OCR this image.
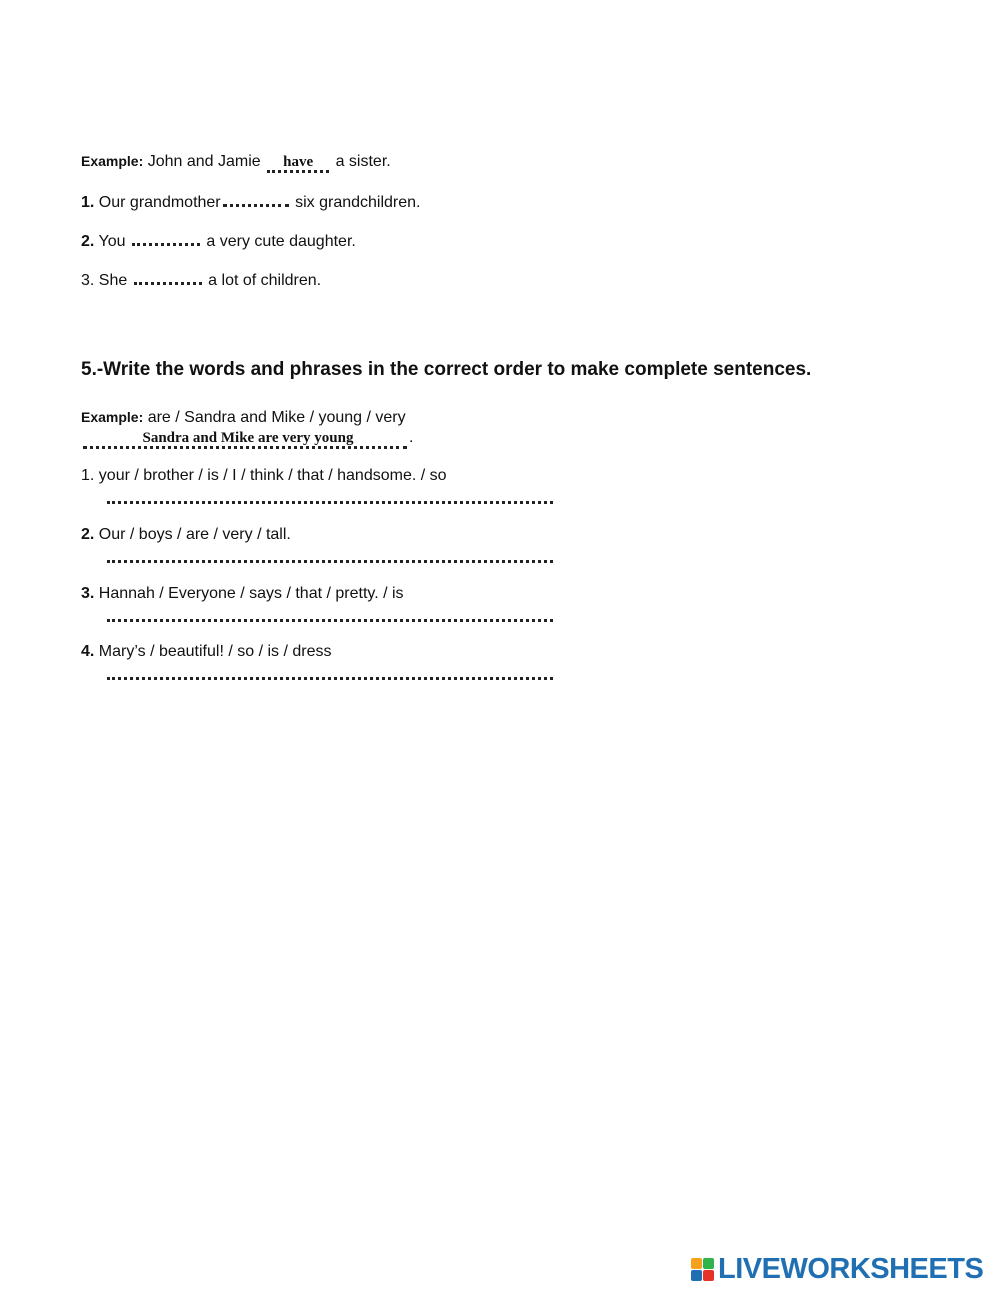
Example: John and Jamie have a sister.
1. Our grandmother	six grandchildren.
2. You	a very cute daughter.
3. She	a lot of children.
5.-Write the words and phrases in the correct order to make complete sentences.
Example: are / Sandra and Mike / young / very
Sandra and Mike are very young	.
1. your / brother / is / I / think / that / handsome. / so
2. Our / boys / are / very / tall.
3. Hannah / Everyone / says / that / pretty. / is
4. Mary’s / beautiful! / so / is / dress
LIVEWORKSHEETS
